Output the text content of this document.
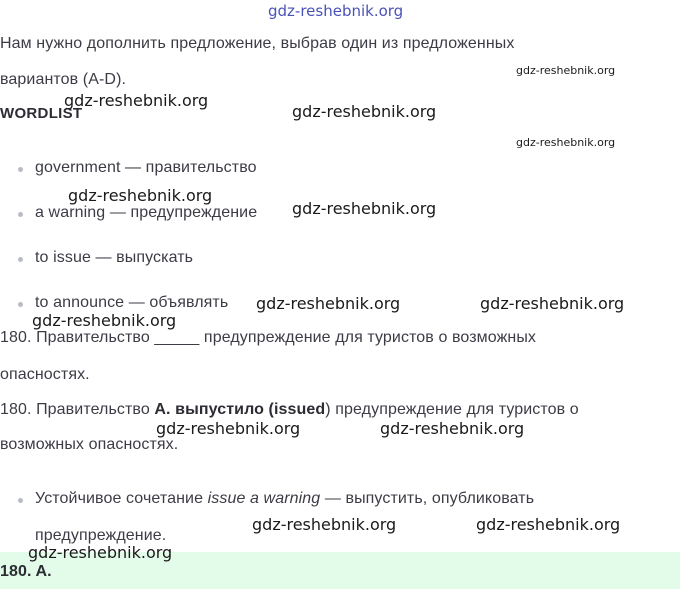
gdz-reshebnik.org
Нам нужно дополнить предложение, выбрав один из предложенных
вариантов (A-D).
WORDLIST
government — правительство
a warning — предупреждение
to issue — выпускать
to announce — объявлять
180. Правительство _____ предупреждение для туристов о возможных
опасностях.
180. Правительство A. выпустило (issued) предупреждение для туристов о
возможных опасностях.
Устойчивое сочетание issue a warning — выпустить, опубликовать
предупреждение.
180. A.
gdz-reshebnik.org
gdz-reshebnik.org
gdz-reshebnik.org
gdz-reshebnik.org
gdz-reshebnik.org
gdz-reshebnik.org
gdz-reshebnik.org	gdz-reshebnik.org
gdz-reshebnik.org
gdz-reshebnik.org	gdz-reshebnik.org
gdz-reshebnik.org	gdz-reshebnik.org
gdz-reshebnik.org
